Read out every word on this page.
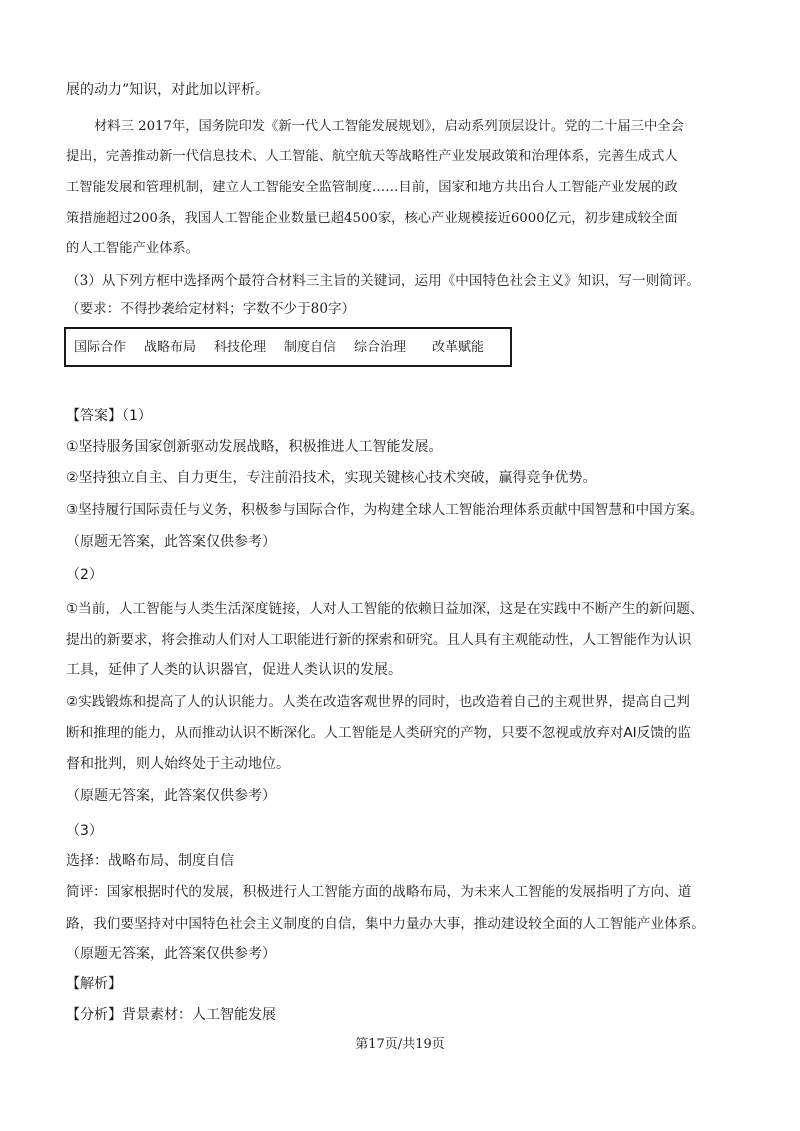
展的动力”知识，对此加以评析。
材料三 2017年，国务院印发《新一代人工智能发展规划》，启动系列顶层设计。党的二十届三中全会
提出，完善推动新一代信息技术、人工智能、航空航天等战略性产业发展政策和治理体系，完善生成式人
工智能发展和管理机制，建立人工智能安全监管制度……目前，国家和地方共出台人工智能产业发展的政
策措施超过200条，我国人工智能企业数量已超4500家，核心产业规模接近6000亿元，初步建成较全面
的人工智能产业体系。
（3）从下列方框中选择两个最符合材料三主旨的关键词，运用《中国特色社会主义》知识，写一则简评。
（要求：不得抄袭给定材料；字数不少于80字）
国际合作 战略布局 科技伦理 制度自信 综合治理 改革赋能
【答案】（1）
①坚持服务国家创新驱动发展战略，积极推进人工智能发展。
②坚持独立自主、自力更生，专注前沿技术，实现关键核心技术突破，赢得竞争优势。
③坚持履行国际责任与义务，积极参与国际合作，为构建全球人工智能治理体系贡献中国智慧和中国方案。
（原题无答案，此答案仅供参考）
（2）
①当前，人工智能与人类生活深度链接，人对人工智能的依赖日益加深，这是在实践中不断产生的新问题、
提出的新要求，将会推动人们对人工职能进行新的探索和研究。且人具有主观能动性，人工智能作为认识
工具，延伸了人类的认识器官，促进人类认识的发展。
②实践锻炼和提高了人的认识能力。人类在改造客观世界的同时，也改造着自己的主观世界，提高自己判
断和推理的能力，从而推动认识不断深化。人工智能是人类研究的产物，只要不忽视或放弃对AI反馈的监
督和批判，则人始终处于主动地位。
（原题无答案，此答案仅供参考）
（3）
选择：战略布局、制度自信
简评：国家根据时代的发展，积极进行人工智能方面的战略布局，为未来人工智能的发展指明了方向、道
路，我们要坚持对中国特色社会主义制度的自信，集中力量办大事，推动建设较全面的人工智能产业体系。
（原题无答案，此答案仅供参考）
【解析】
【分析】背景素材：人工智能发展
第17页/共19页
